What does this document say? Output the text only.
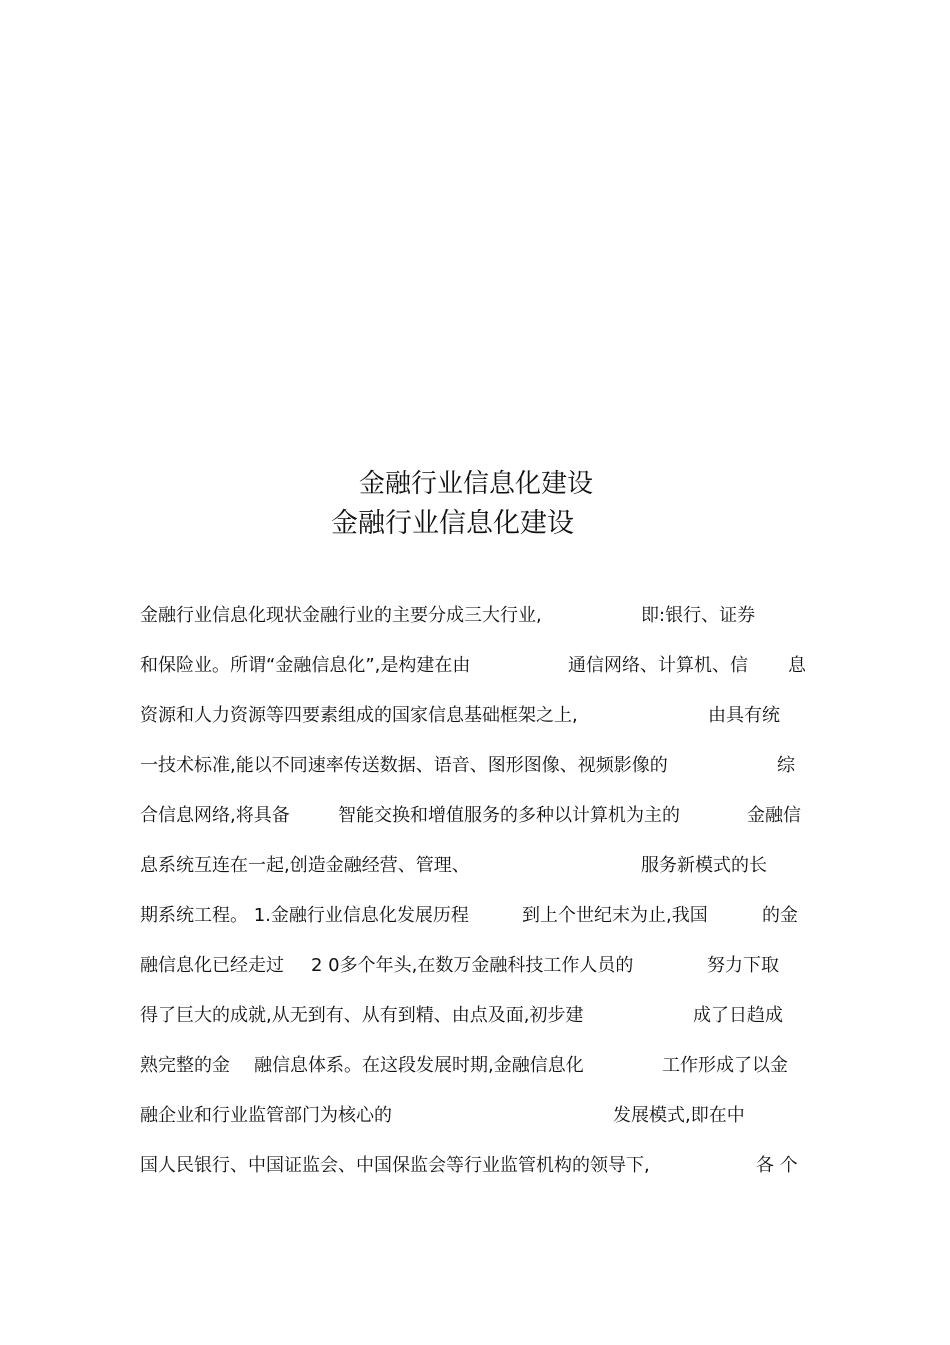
金融行业信息化建设
金融行业信息化建设
金融行业信息化现状金融行业的主要分成三大行业,	即:银行、证券
和保险业。所谓“金融信息化”,是构建在由	通信网络、计算机、信 息
资源和人力资源等四要素组成的国家信息基础框架之上,	由具有统
一技术标准,能以不同速率传送数据、语音、图形图像、视频影像的	综
合信息网络,将具备	智能交换和增值服务的多种以计算机为主的	金融信
息系统互连在一起,创造金融经营、管理、	服务新模式的长
期系统工程。 1.金融行业信息化发展历程	到上个世纪末为止,我国	的金
融信息化已经走过 2 0多个年头,在数万金融科技工作人员的	努力下取
得了巨大的成就,从无到有、从有到精、由点及面,初步建	成了日趋成
熟完整的金 融信息体系。在这段发展时期,金融信息化	工作形成了以金
融企业和行业监管部门为核心的	发展模式,即在中
国人民银行、中国证监会、中国保监会等行业监管机构的领导下,	各 个
